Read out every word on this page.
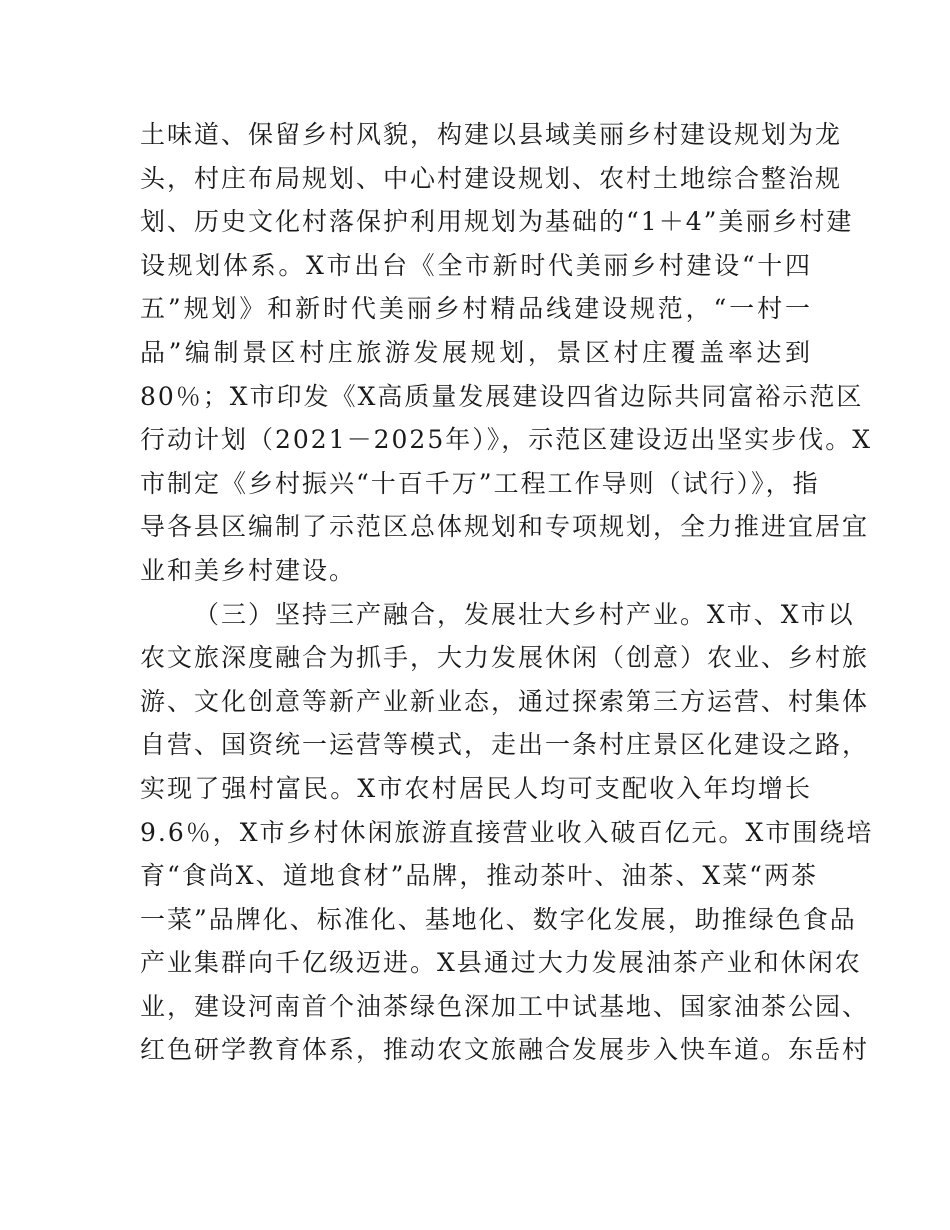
土味道、保留乡村风貌，构建以县域美丽乡村建设规划为龙
头，村庄布局规划、中心村建设规划、农村土地综合整治规
划、历史文化村落保护利用规划为基础的“1＋4”美丽乡村建
设规划体系。X市出台《全市新时代美丽乡村建设“十四
五”规划》和新时代美丽乡村精品线建设规范，“一村一
品”编制景区村庄旅游发展规划，景区村庄覆盖率达到
80％；X市印发《X高质量发展建设四省边际共同富裕示范区
行动计划（2021－2025年）》，示范区建设迈出坚实步伐。X
市制定《乡村振兴“十百千万”工程工作导则（试行）》，指
导各县区编制了示范区总体规划和专项规划，全力推进宜居宜
业和美乡村建设。
（三）坚持三产融合，发展壮大乡村产业。X市、X市以
农文旅深度融合为抓手，大力发展休闲（创意）农业、乡村旅
游、文化创意等新产业新业态，通过探索第三方运营、村集体
自营、国资统一运营等模式，走出一条村庄景区化建设之路，
实现了强村富民。X市农村居民人均可支配收入年均增长
9.6％，X市乡村休闲旅游直接营业收入破百亿元。X市围绕培
育“食尚X、道地食材”品牌，推动茶叶、油茶、X菜“两茶
一菜”品牌化、标准化、基地化、数字化发展，助推绿色食品
产业集群向千亿级迈进。X县通过大力发展油茶产业和休闲农
业，建设河南首个油茶绿色深加工中试基地、国家油茶公园、
红色研学教育体系，推动农文旅融合发展步入快车道。东岳村
